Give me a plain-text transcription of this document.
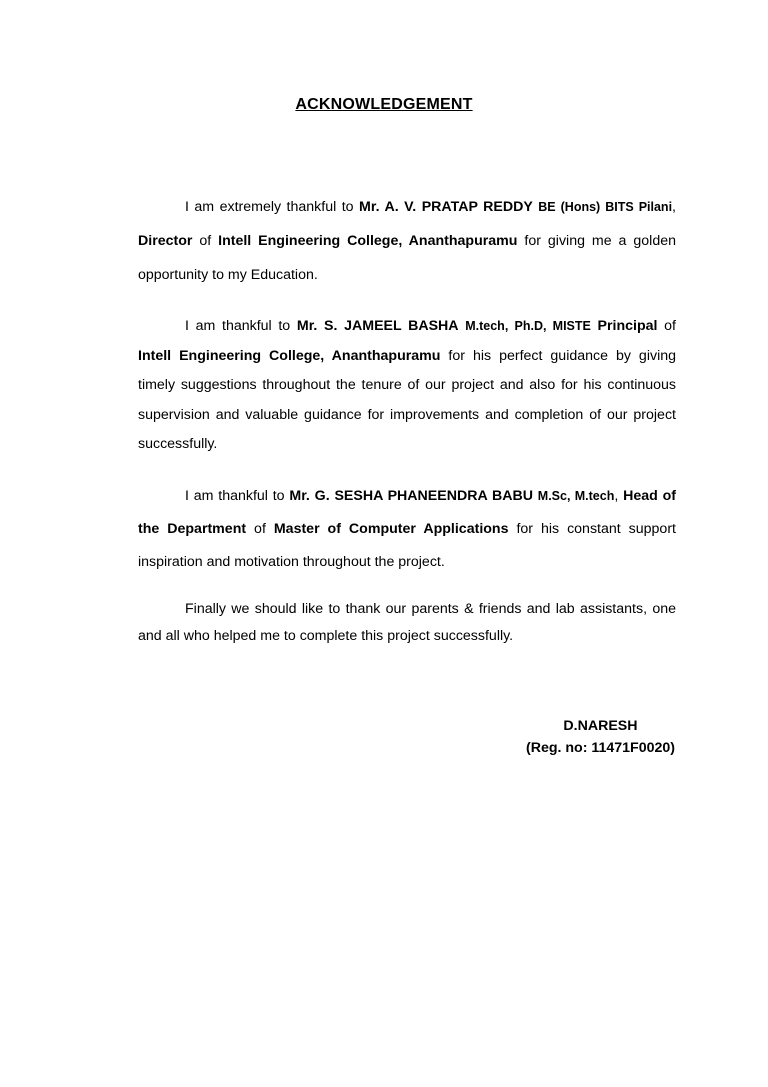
ACKNOWLEDGEMENT

I am extremely thankful to Mr. A. V. PRATAP REDDY BE (Hons) BITS Pilani, Director of Intell Engineering College, Ananthapuramu for giving me a golden opportunity to my Education.

I am thankful to Mr. S. JAMEEL BASHA M.tech, Ph.D, MISTE Principal of Intell Engineering College, Ananthapuramu for his perfect guidance by giving timely suggestions throughout the tenure of our project and also for his continuous supervision and valuable guidance for improvements and completion of our project successfully.

I am thankful to Mr. G. SESHA PHANEENDRA BABU M.Sc, M.tech, Head of the Department of Master of Computer Applications for his constant support inspiration and motivation throughout the project.

Finally we should like to thank our parents & friends and lab assistants, one and all who helped me to complete this project successfully.

D.NARESH
(Reg. no: 11471F0020)
